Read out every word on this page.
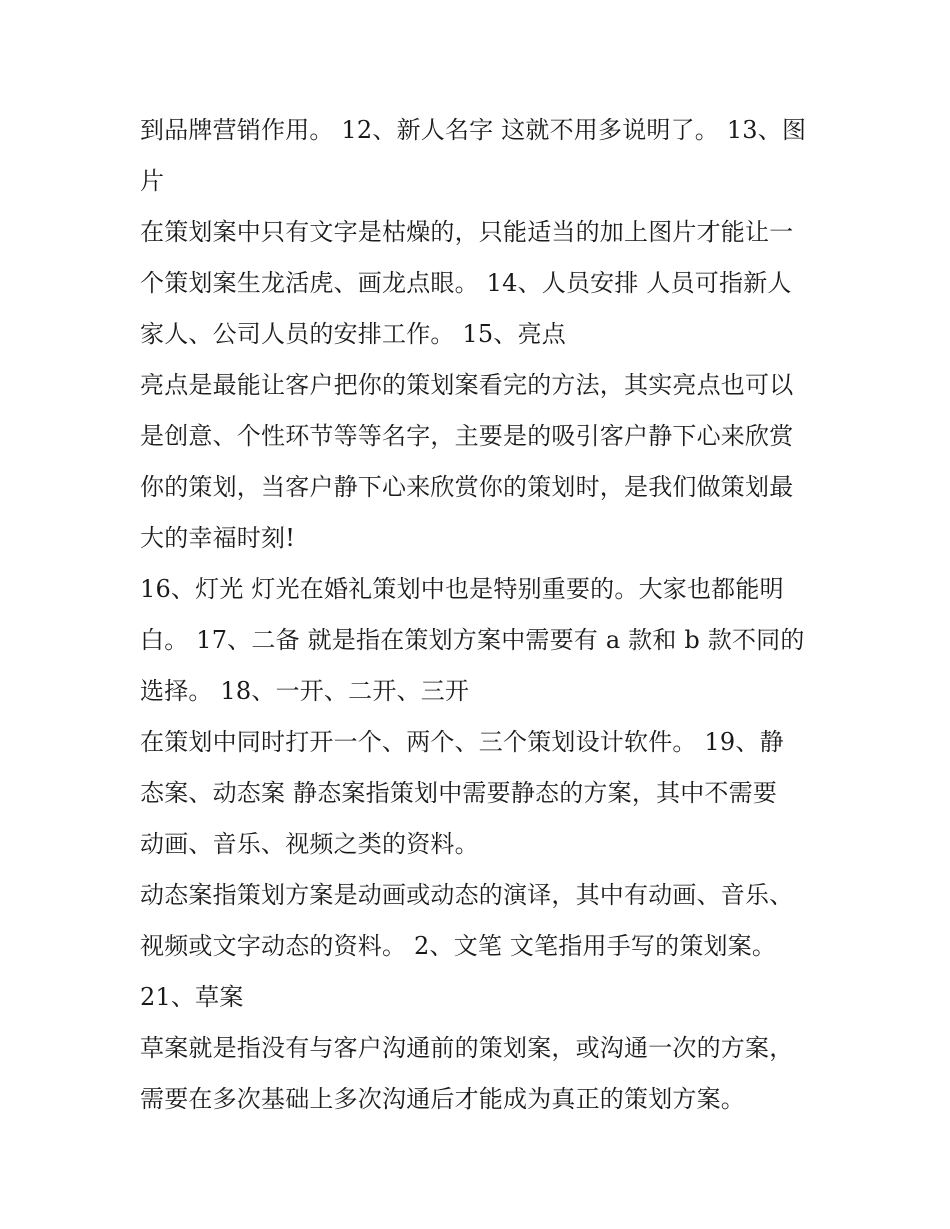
到品牌营销作用。 12、新人名字 这就不用多说明了。 13、图
片
在策划案中只有文字是枯燥的，只能适当的加上图片才能让一
个策划案生龙活虎、画龙点眼。 14、人员安排 人员可指新人
家人、公司人员的安排工作。 15、亮点
亮点是最能让客户把你的策划案看完的方法，其实亮点也可以
是创意、个性环节等等名字，主要是的吸引客户静下心来欣赏
你的策划，当客户静下心来欣赏你的策划时，是我们做策划最
大的幸福时刻!
16、灯光 灯光在婚礼策划中也是特别重要的。大家也都能明
白。 17、二备 就是指在策划方案中需要有 a 款和 b 款不同的
选择。 18、一开、二开、三开
在策划中同时打开一个、两个、三个策划设计软件。 19、静
态案、动态案 静态案指策划中需要静态的方案，其中不需要
动画、音乐、视频之类的资料。
动态案指策划方案是动画或动态的演译，其中有动画、音乐、
视频或文字动态的资料。 2、文笔 文笔指用手写的策划案。
21、草案
草案就是指没有与客户沟通前的策划案，或沟通一次的方案，
需要在多次基础上多次沟通后才能成为真正的策划方案。
